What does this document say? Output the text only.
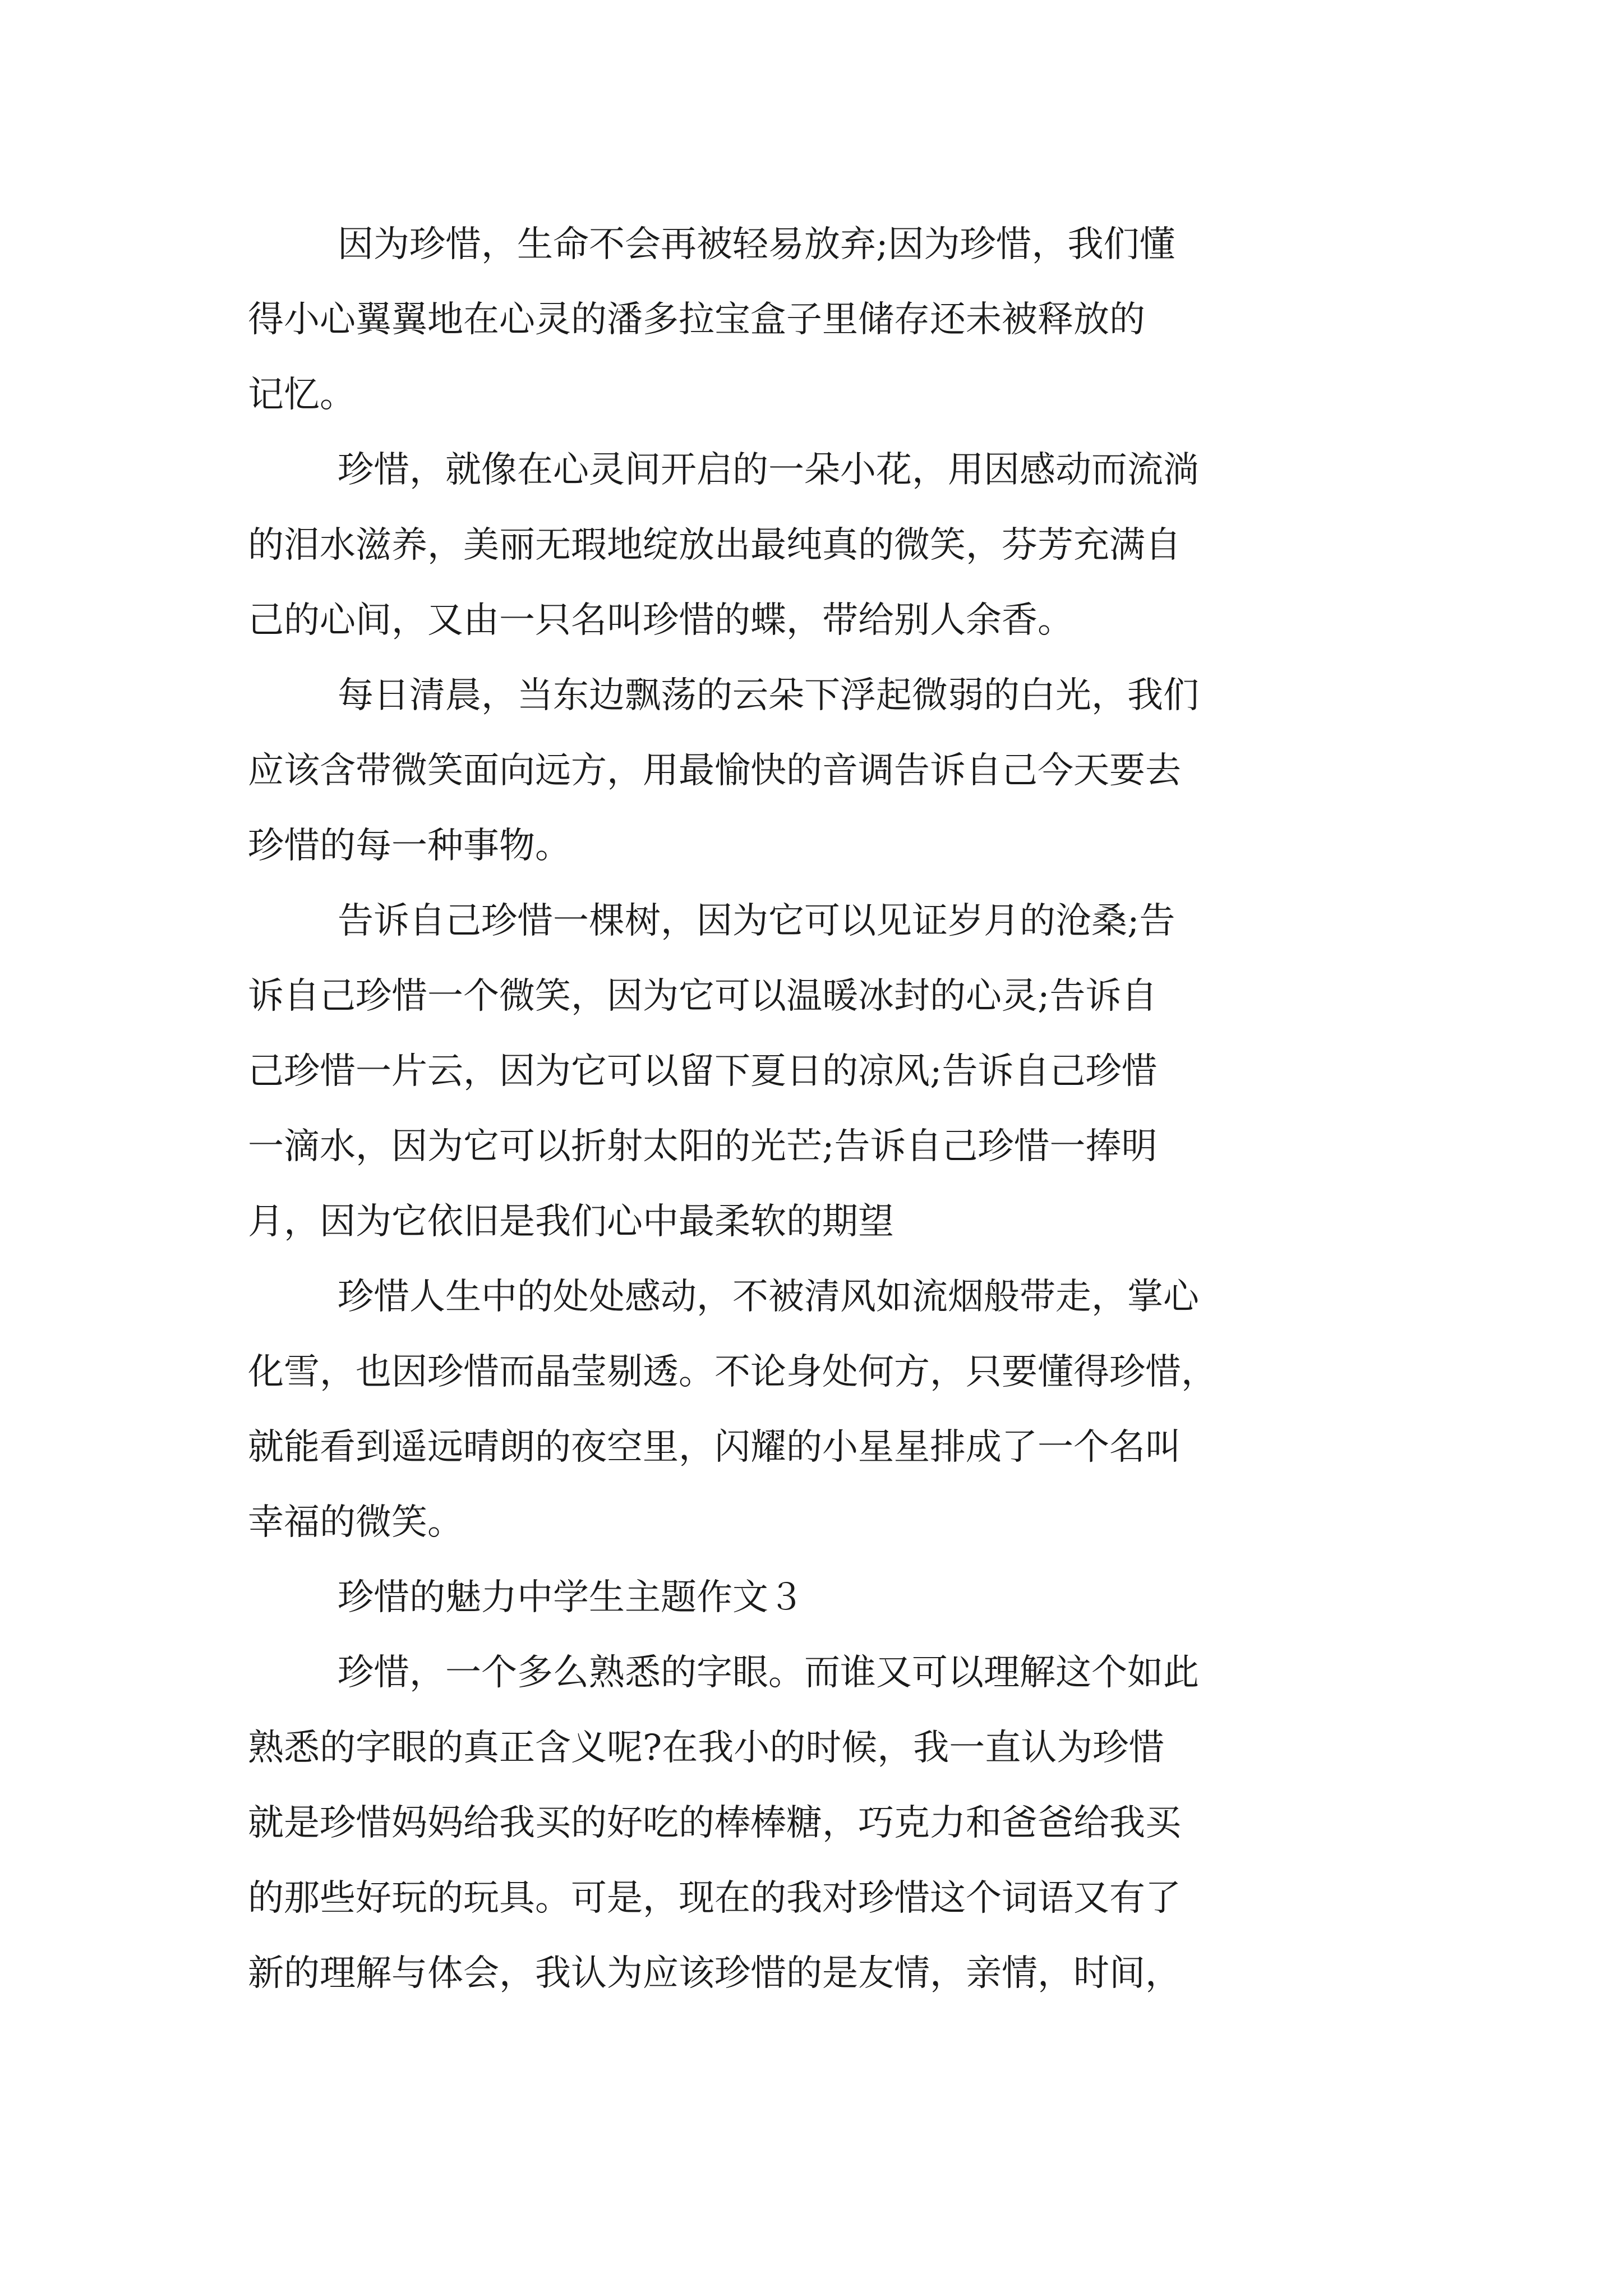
因为珍惜，生命不会再被轻易放弃;因为珍惜，我们懂
得小心翼翼地在心灵的潘多拉宝盒子里储存还未被释放的
记忆。
珍惜，就像在心灵间开启的一朵小花，用因感动而流淌
的泪水滋养，美丽无瑕地绽放出最纯真的微笑，芬芳充满自
己的心间，又由一只名叫珍惜的蝶，带给别人余香。
每日清晨，当东边飘荡的云朵下浮起微弱的白光，我们
应该含带微笑面向远方，用最愉快的音调告诉自己今天要去
珍惜的每一种事物。
告诉自己珍惜一棵树，因为它可以见证岁月的沧桑;告
诉自己珍惜一个微笑，因为它可以温暖冰封的心灵;告诉自
己珍惜一片云，因为它可以留下夏日的凉风;告诉自己珍惜
一滴水，因为它可以折射太阳的光芒;告诉自己珍惜一捧明
月，因为它依旧是我们心中最柔软的期望
珍惜人生中的处处感动，不被清风如流烟般带走，掌心
化雪，也因珍惜而晶莹剔透。不论身处何方，只要懂得珍惜，
就能看到遥远晴朗的夜空里，闪耀的小星星排成了一个名叫
幸福的微笑。
珍惜的魅力中学生主题作文３
珍惜，一个多么熟悉的字眼。而谁又可以理解这个如此
熟悉的字眼的真正含义呢?在我小的时候，我一直认为珍惜
就是珍惜妈妈给我买的好吃的棒棒糖，巧克力和爸爸给我买
的那些好玩的玩具。可是，现在的我对珍惜这个词语又有了
新的理解与体会，我认为应该珍惜的是友情，亲情，时间，
